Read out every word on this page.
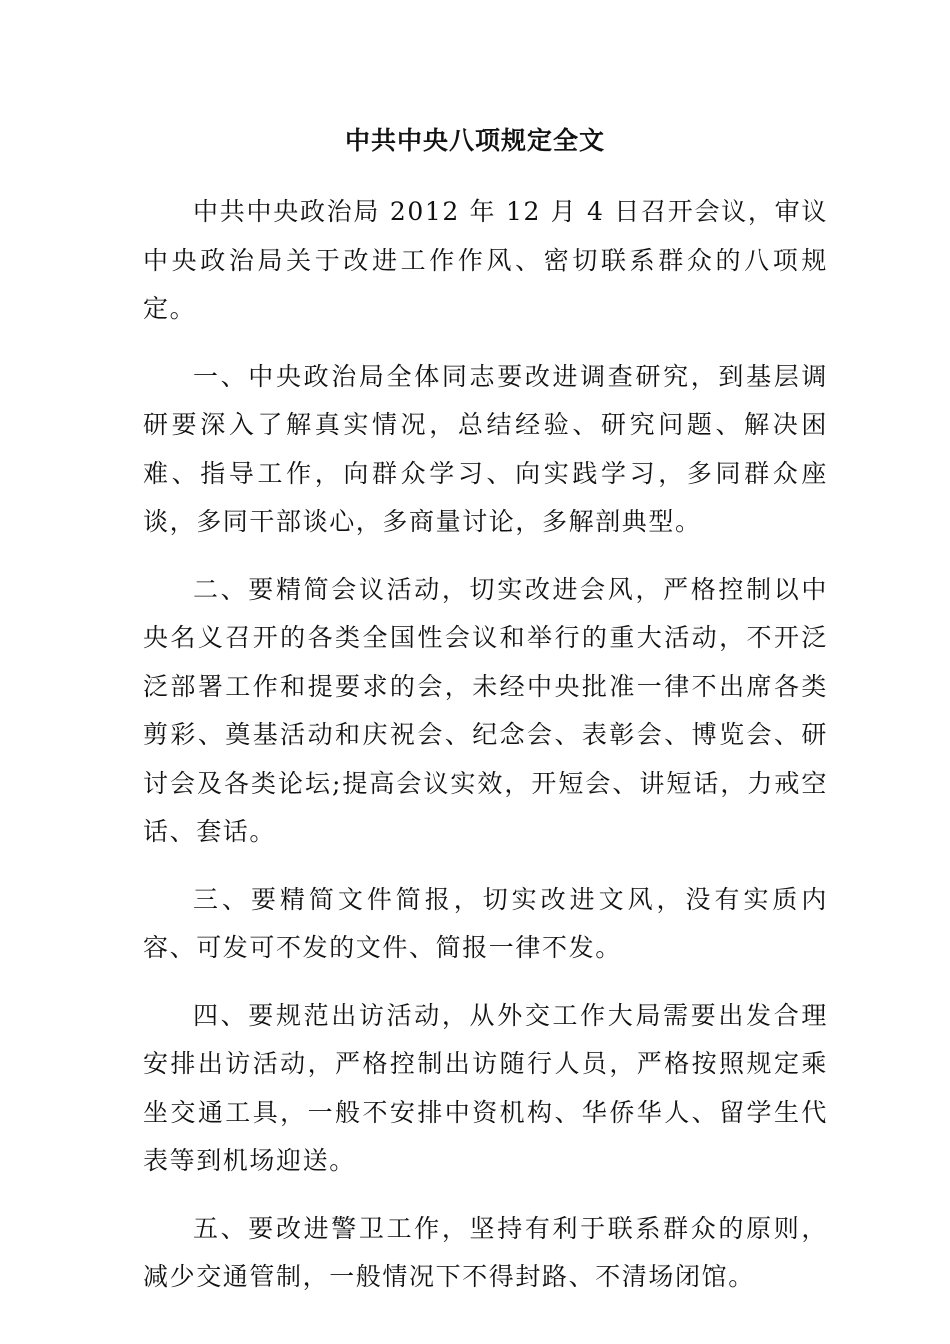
中共中央八项规定全文

中共中央政治局 2012 年 12 月 4 日召开会议，审议中央政治局关于改进工作作风、密切联系群众的八项规定。

一、中央政治局全体同志要改进调查研究，到基层调研要深入了解真实情况，总结经验、研究问题、解决困难、指导工作，向群众学习、向实践学习，多同群众座谈，多同干部谈心，多商量讨论，多解剖典型。

二、要精简会议活动，切实改进会风，严格控制以中央名义召开的各类全国性会议和举行的重大活动，不开泛泛部署工作和提要求的会，未经中央批准一律不出席各类剪彩、奠基活动和庆祝会、纪念会、表彰会、博览会、研讨会及各类论坛;提高会议实效，开短会、讲短话，力戒空话、套话。

三、要精简文件简报，切实改进文风，没有实质内容、可发可不发的文件、简报一律不发。

四、要规范出访活动，从外交工作大局需要出发合理安排出访活动，严格控制出访随行人员，严格按照规定乘坐交通工具，一般不安排中资机构、华侨华人、留学生代表等到机场迎送。

五、要改进警卫工作，坚持有利于联系群众的原则，减少交通管制，一般情况下不得封路、不清场闭馆。
